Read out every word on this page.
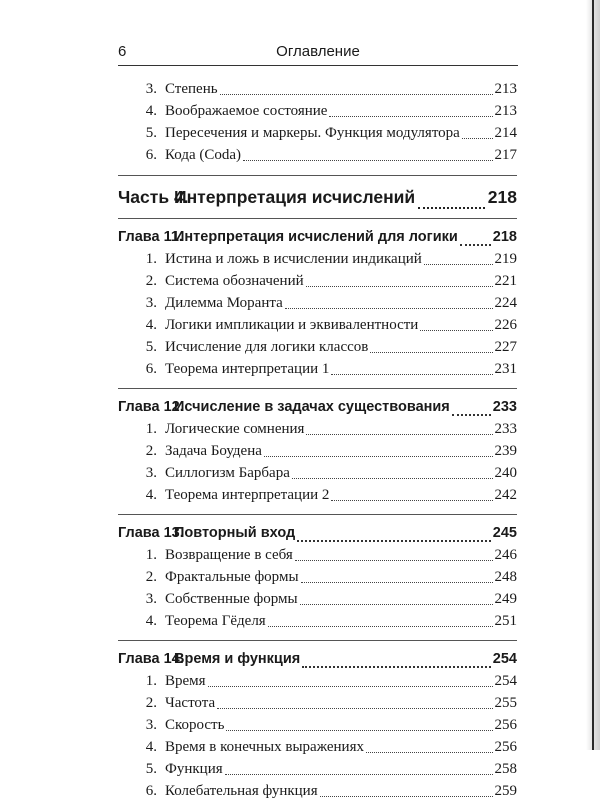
6	Оглавление
3. Степень	213
4. Воображаемое состояние	213
5. Пересечения и маркеры. Функция модулятора 214
6. Кода (Coda)	217
Часть 4.
Интерпретация исчислений	218
Глава 11.
Интерпретация исчислений для логики 218
1. Истина и ложь в исчислении индикаций	219
2. Система обозначений	221
3. Дилемма Моранта	224
4. Логики импликации и эквивалентности	226
5. Исчисление для логики классов	227
6. Теорема интерпретации 1	231
Глава 12.
Исчисление в задачах существования	233
1. Логические сомнения	233
2. Задача Боудена	239
3. Силлогизм Барбара	240
4. Теорема интерпретации 2	242
Глава 13.
Повторный вход	245
1. Возвращение в себя	246
2. Фрактальные формы	248
3. Собственные формы	249
4. Теорема Гёделя	251
Глава 14.
Время и функция	254
1. Время	254
2. Частота	255
3. Скорость	256
4. Время в конечных выражениях	256
5. Функция	258
6. Колебательная функция	259
